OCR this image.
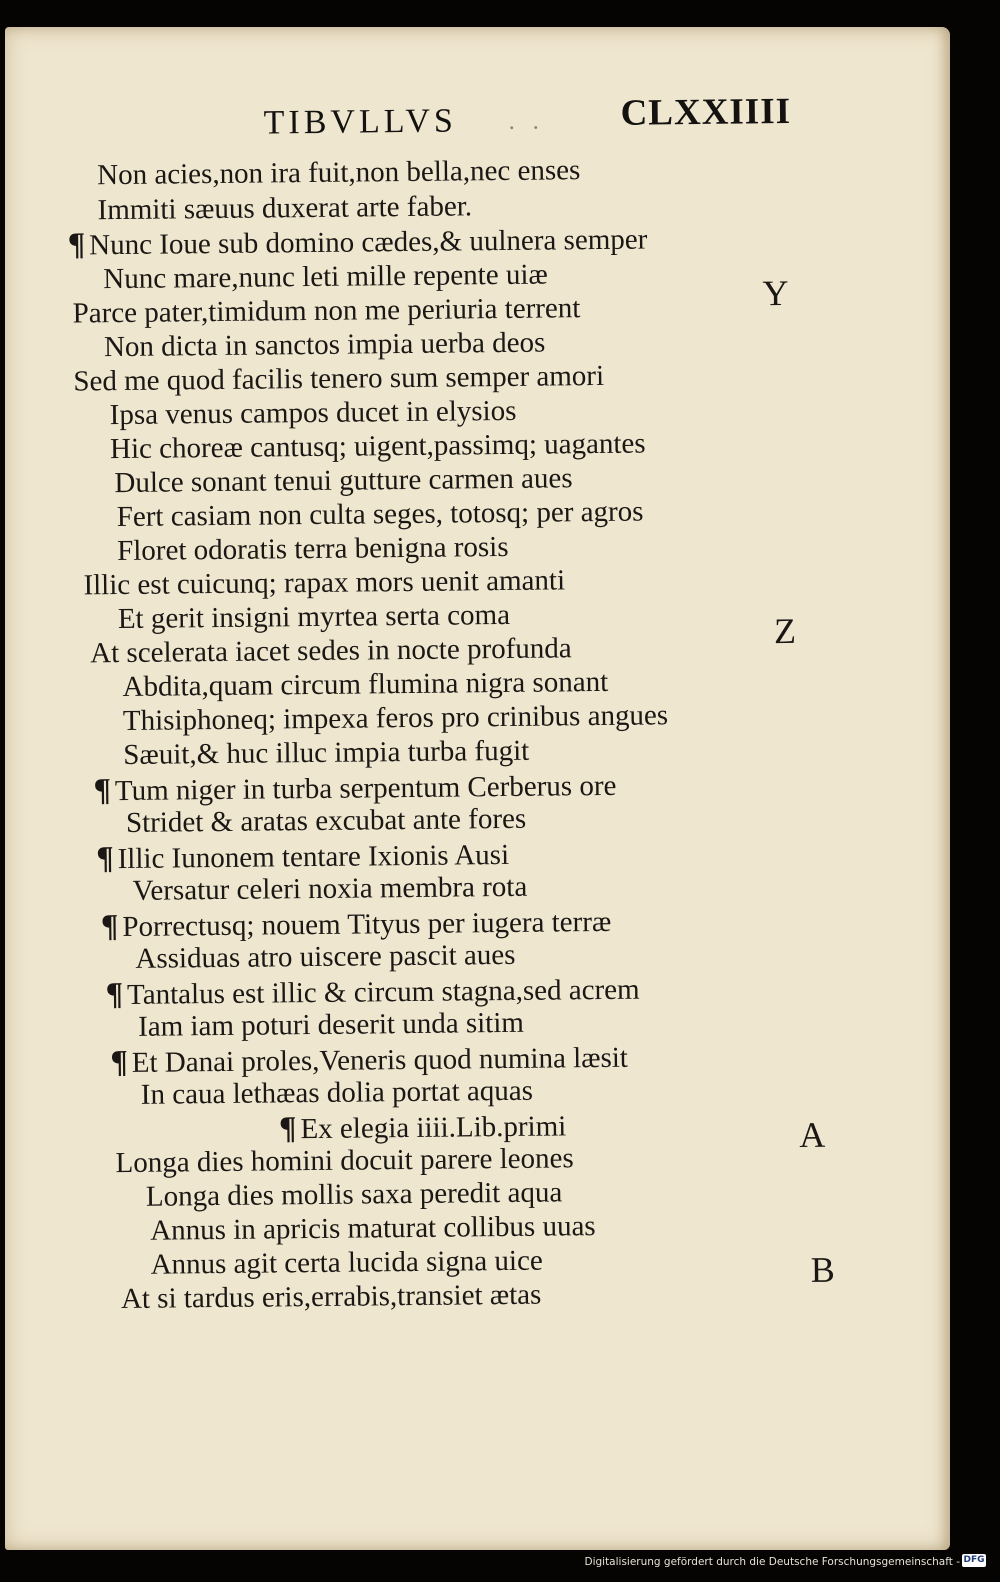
TIBVLLVS . . CLXXIIII
Non acies,non ira fuit,non bella,nec enses
Immiti sæuus duxerat arte faber.
¶ Nunc Ioue sub domino cædes,& uulnera semper
Nunc mare,nunc leti mille repente uiæ
Parce pater,timidum non me periuria terrent
Non dicta in sanctos impia uerba deos
Sed me quod facilis tenero sum semper amori
Ipsa venus campos ducet in elysios
Hic choreæ cantusq; uigent,passimq; uagantes
Dulce sonant tenui gutture carmen aues
Fert casiam non culta seges, totosq; per agros
Floret odoratis terra benigna rosis
Illic est cuicunq; rapax mors uenit amanti
Et gerit insigni myrtea serta coma
At scelerata iacet sedes in nocte profunda
Abdita,quam circum flumina nigra sonant
Thisiphoneq; impexa feros pro crinibus angues
Sæuit,& huc illuc impia turba fugit
¶ Tum niger in turba serpentum Cerberus ore
Stridet & aratas excubat ante fores
¶ Illic Iunonem tentare Ixionis Ausi
Versatur celeri noxia membra rota
¶ Porrectusq; nouem Tityus per iugera terræ
Assiduas atro uiscere pascit aues
¶ Tantalus est illic & circum stagna,sed acrem
Iam iam poturi deserit unda sitim
¶ Et Danai proles,Veneris quod numina læsit
In caua lethæas dolia portat aquas
¶ Ex elegia iiii.Lib.primi
Longa dies homini docuit parere leones
Longa dies mollis saxa peredit aqua
Annus in apricis maturat collibus uuas
Annus agit certa lucida signa uice
At si tardus eris,errabis,transiet ætas
Y
Z
A
B
Digitalisierung gefördert durch die Deutsche Forschungsgemeinschaft - DFG
